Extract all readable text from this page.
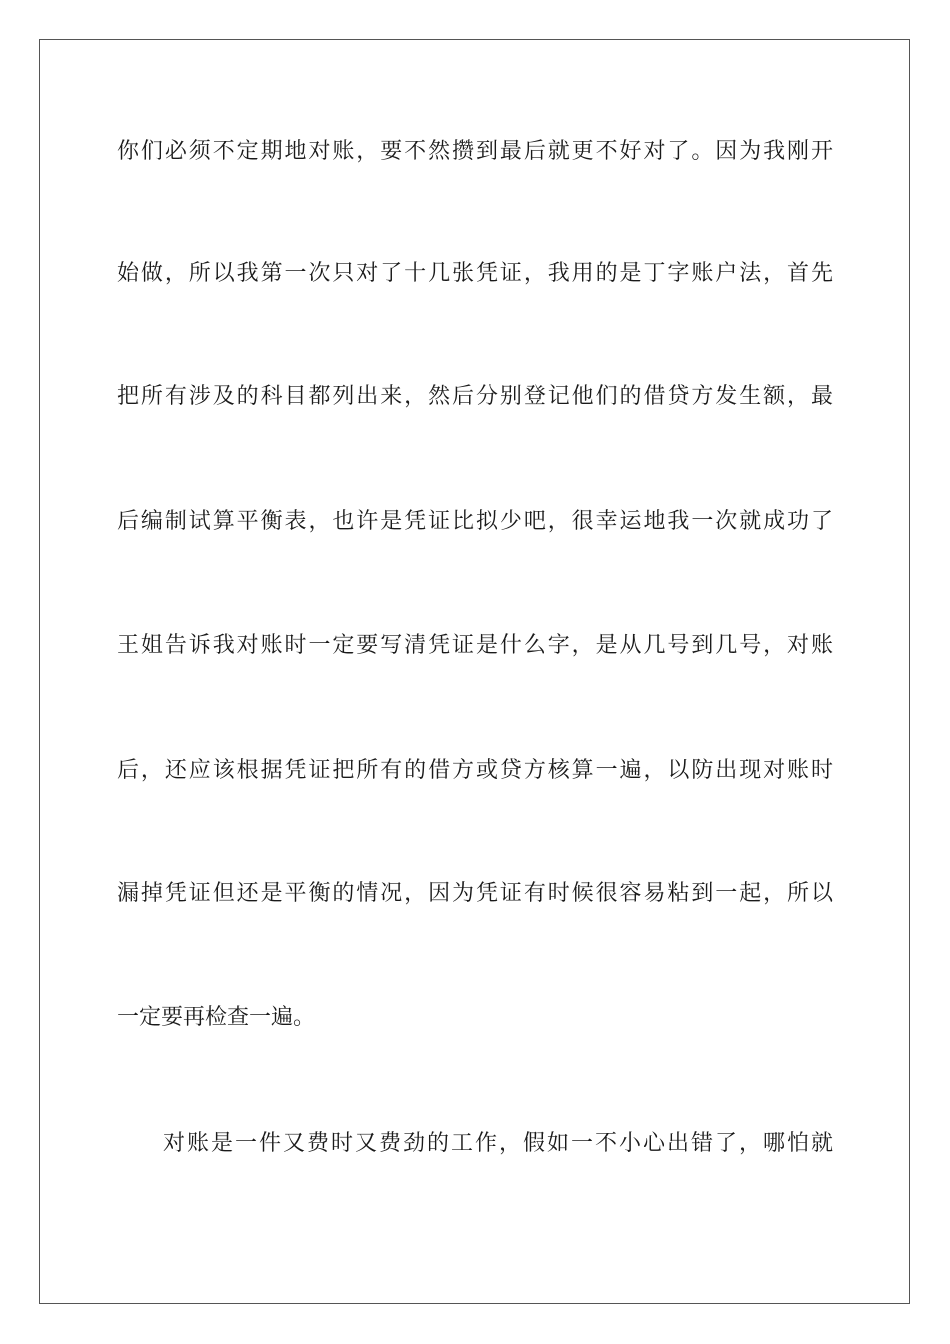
你们必须不定期地对账，要不然攒到最后就更不好对了。因为我刚开
始做，所以我第一次只对了十几张凭证，我用的是丁字账户法，首先
把所有涉及的科目都列出来，然后分别登记他们的借贷方发生额，最
后编制试算平衡表，也许是凭证比拟少吧，很幸运地我一次就成功了
王姐告诉我对账时一定要写清凭证是什么字，是从几号到几号，对账
后，还应该根据凭证把所有的借方或贷方核算一遍，以防出现对账时
漏掉凭证但还是平衡的情况，因为凭证有时候很容易粘到一起，所以
一定要再检查一遍。
对账是一件又费时又费劲的工作，假如一不小心出错了，哪怕就
